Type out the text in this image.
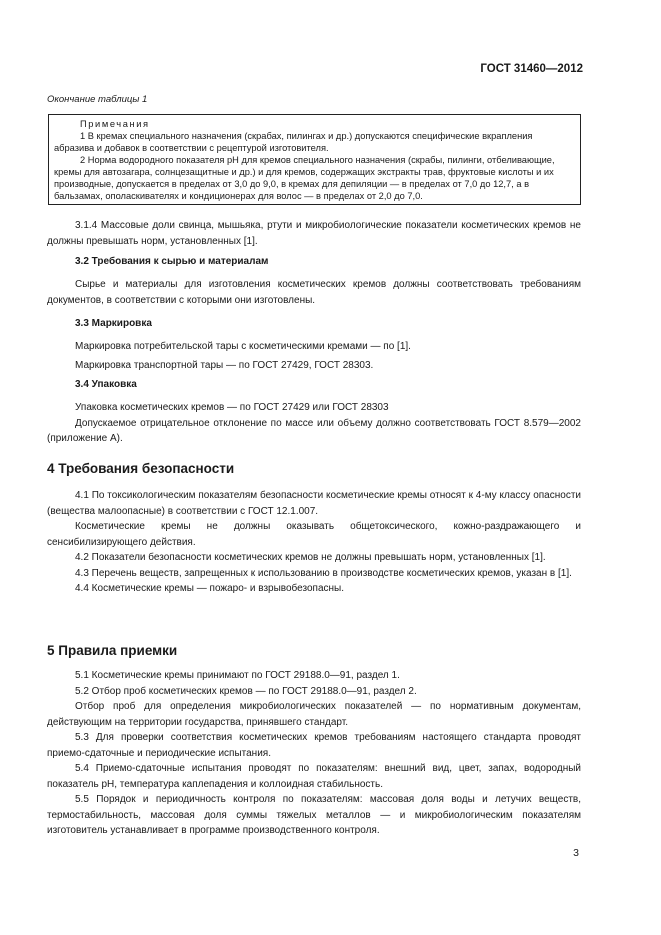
ГОСТ 31460—2012
Окончание таблицы 1

Примечания

1 В кремах специального назначения (скрабах, пилингах и др.) допускаются специфические вкрапления абразива и добавок в соответствии с рецептурой изготовителя.

2 Норма водородного показателя pH для кремов специального назначения (скрабы, пилинги, отбеливающие, кремы для автозагара, солнцезащитные и др.) и для кремов, содержащих экстракты трав, фруктовые кислоты и их производные, допускается в пределах от 3,0 до 9,0, в кремах для депиляции — в пределах от 7,0 до 12,7, а в бальзамах, ополаскивателях и кондиционерах для волос — в пределах от 2,0 до 7,0.

3.1.4 Массовые доли свинца, мышьяка, ртути и микробиологические показатели косметических кремов не должны превышать норм, установленных [1].

3.2 Требования к сырью и материалам

Сырье и материалы для изготовления косметических кремов должны соответствовать требованиям документов, в соответствии с которыми они изготовлены.

3.3 Маркировка

Маркировка потребительской тары с косметическими кремами — по [1].

Маркировка транспортной тары — по ГОСТ 27429, ГОСТ 28303.

3.4 Упаковка

Упаковка косметических кремов — по ГОСТ 27429 или ГОСТ 28303

Допускаемое отрицательное отклонение по массе или объему должно соответствовать ГОСТ 8.579—2002 (приложение А).

4 Требования безопасности

4.1 По токсикологическим показателям безопасности косметические кремы относят к 4-му классу опасности (вещества малоопасные) в соответствии с ГОСТ 12.1.007.

Косметические кремы не должны оказывать общетоксического, кожно-раздражающего и сенсибилизирующего действия.

4.2 Показатели безопасности косметических кремов не должны превышать норм, установленных [1].

4.3 Перечень веществ, запрещенных к использованию в производстве косметических кремов, указан в [1].

4.4 Косметические кремы — пожаро- и взрывобезопасны.

5 Правила приемки

5.1 Косметические кремы принимают по ГОСТ 29188.0—91, раздел 1.

5.2 Отбор проб косметических кремов — по ГОСТ 29188.0—91, раздел 2.

Отбор проб для определения микробиологических показателей — по нормативным документам, действующим на территории государства, принявшего стандарт.

5.3 Для проверки соответствия косметических кремов требованиям настоящего стандарта проводят приемо-сдаточные и периодические испытания.

5.4 Приемо-сдаточные испытания проводят по показателям: внешний вид, цвет, запах, водородный показатель pH, температура каплепадения и коллоидная стабильность.

5.5 Порядок и периодичность контроля по показателям: массовая доля воды и летучих веществ, термостабильность, массовая доля суммы тяжелых металлов — и микробиологическим показателям изготовитель устанавливает в программе производственного контроля.

3
